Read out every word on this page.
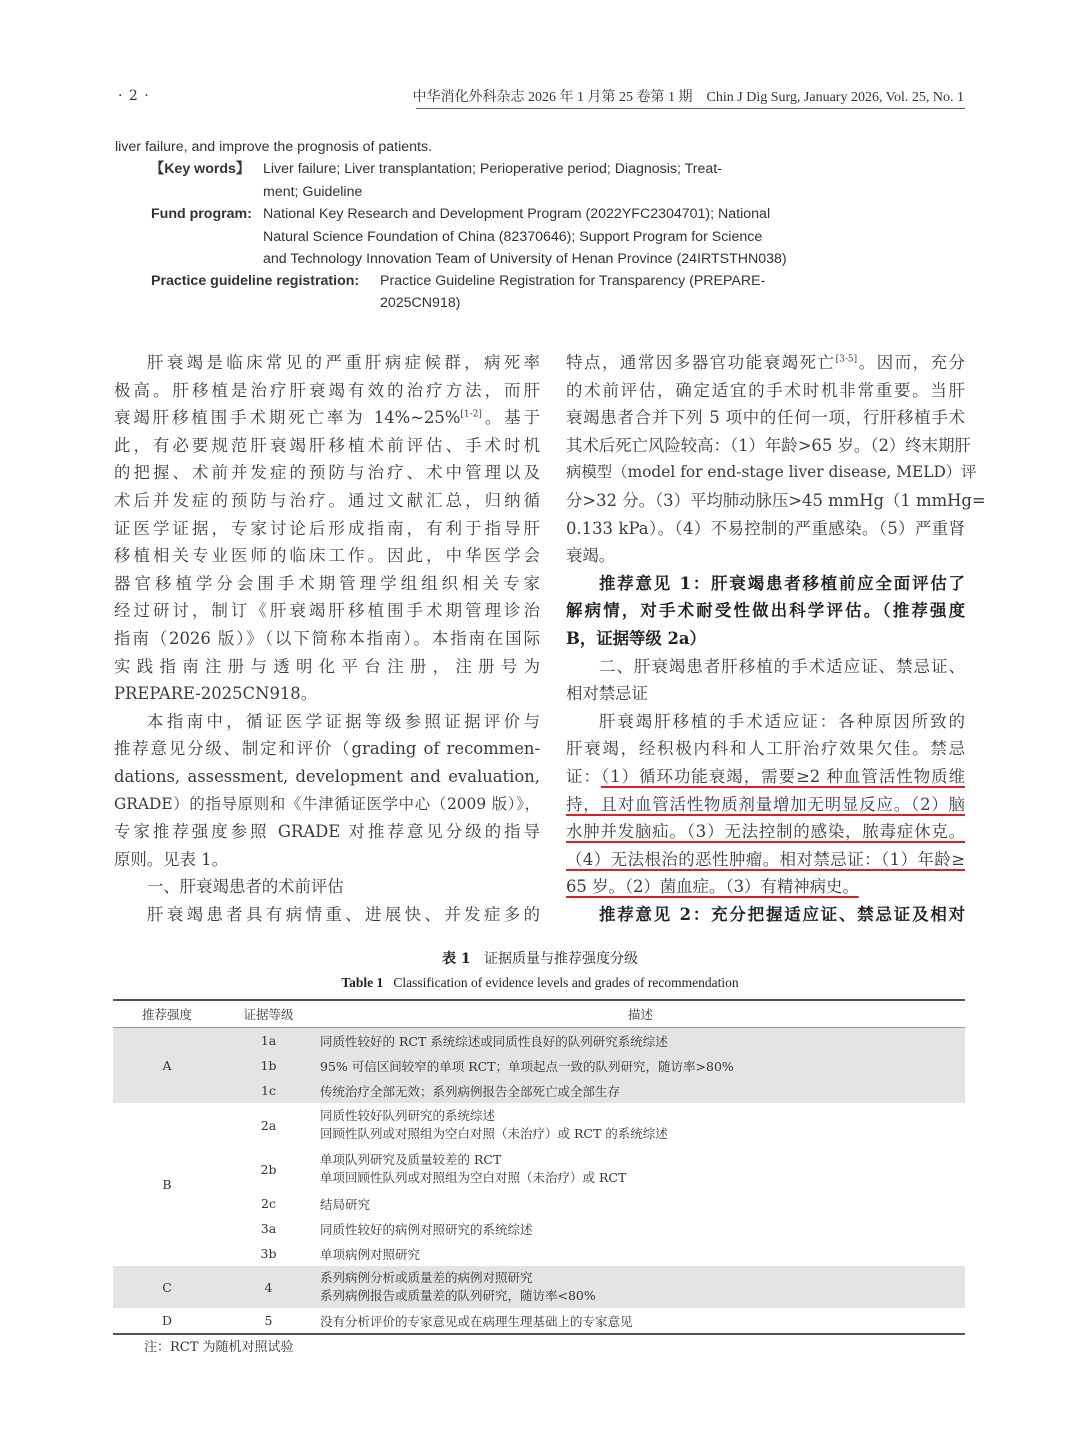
· 2 ·	中华消化外科杂志 2026 年 1 月第 25 卷第 1 期　Chin J Dig Surg, January 2026, Vol. 25, No. 1
liver failure, and improve the prognosis of patients.
【Key words】 Liver failure; Liver transplantation; Perioperative period; Diagnosis; Treat-
ment; Guideline
Fund program: National Key Research and Development Program (2022YFC2304701); National
Natural Science Foundation of China (82370646); Support Program for Science
and Technology Innovation Team of University of Henan Province (24IRTSTHN038)
Practice guideline registration: Practice Guideline Registration for Transparency (PREPARE-
2025CN918)
肝衰竭是临床常见的严重肝病症候群，病死率
极高。肝移植是治疗肝衰竭有效的治疗方法，而肝
衰竭肝移植围手术期死亡率为 14%~25%[1-2]。基于
此，有必要规范肝衰竭肝移植术前评估、手术时机
的把握、术前并发症的预防与治疗、术中管理以及
术后并发症的预防与治疗。通过文献汇总，归纳循
证医学证据，专家讨论后形成指南，有利于指导肝
移植相关专业医师的临床工作。因此，中华医学会
器官移植学分会围手术期管理学组组织相关专家
经过研讨，制订《肝衰竭肝移植围手术期管理诊治
指南（2026 版）》（以下简称本指南）。本指南在国际
实践指南注册与透明化平台注册，注册号为
PREPARE-2025CN918。
本指南中，循证医学证据等级参照证据评价与
推荐意见分级、制定和评价（grading of recommen-
dations, assessment, development and evaluation,
GRADE）的指导原则和《牛津循证医学中心（2009 版）》，
专家推荐强度参照 GRADE 对推荐意见分级的指导
原则。见表 1。
一、肝衰竭患者的术前评估
肝衰竭患者具有病情重、进展快、并发症多的
特点，通常因多器官功能衰竭死亡[3-5]。因而，充分
的术前评估，确定适宜的手术时机非常重要。当肝
衰竭患者合并下列 5 项中的任何一项，行肝移植手术
其术后死亡风险较高：（1）年龄>65 岁。（2）终末期肝
病模型（model for end-stage liver disease, MELD）评
分>32 分。（3）平均肺动脉压>45 mmHg（1 mmHg=
0.133 kPa）。（4）不易控制的严重感染。（5）严重肾
衰竭。
推荐意见 1：肝衰竭患者移植前应全面评估了
解病情，对手术耐受性做出科学评估。（推荐强度
B，证据等级 2a）
二、肝衰竭患者肝移植的手术适应证、禁忌证、
相对禁忌证
肝衰竭肝移植的手术适应证：各种原因所致的
肝衰竭，经积极内科和人工肝治疗效果欠佳。禁忌
证：（1）循环功能衰竭，需要≥2 种血管活性物质维
持，且对血管活性物质剂量增加无明显反应。（2）脑
水肿并发脑疝。（3）无法控制的感染，脓毒症休克。
（4）无法根治的恶性肿瘤。相对禁忌证：（1）年龄≥
65 岁。（2）菌血症。（3）有精神病史。
推荐意见 2：充分把握适应证、禁忌证及相对
表 1 证据质量与推荐强度分级
Table 1 Classification of evidence levels and grades of recommendation
推荐强度	证据等级	描述
A	1a	同质性较好的 RCT 系统综述或同质性良好的队列研究系统综述
	1b	95% 可信区间较窄的单项 RCT；单项起点一致的队列研究，随访率>80%
	1c	传统治疗全部无效；系列病例报告全部死亡或全部生存
B	2a	同质性较好队列研究的系统综述
回顾性队列或对照组为空白对照（未治疗）或 RCT 的系统综述

	2b	单项队列研究及质量较差的 RCT
单项回顾性队列或对照组为空白对照（未治疗）或 RCT

	2c	结局研究
	3a	同质性较好的病例对照研究的系统综述
	3b	单项病例对照研究
C	4	系列病例分析或质量差的病例对照研究
系列病例报告或质量差的队列研究，随访率<80%

D	5	没有分析评价的专家意见或在病理生理基础上的专家意见
注：RCT 为随机对照试验
